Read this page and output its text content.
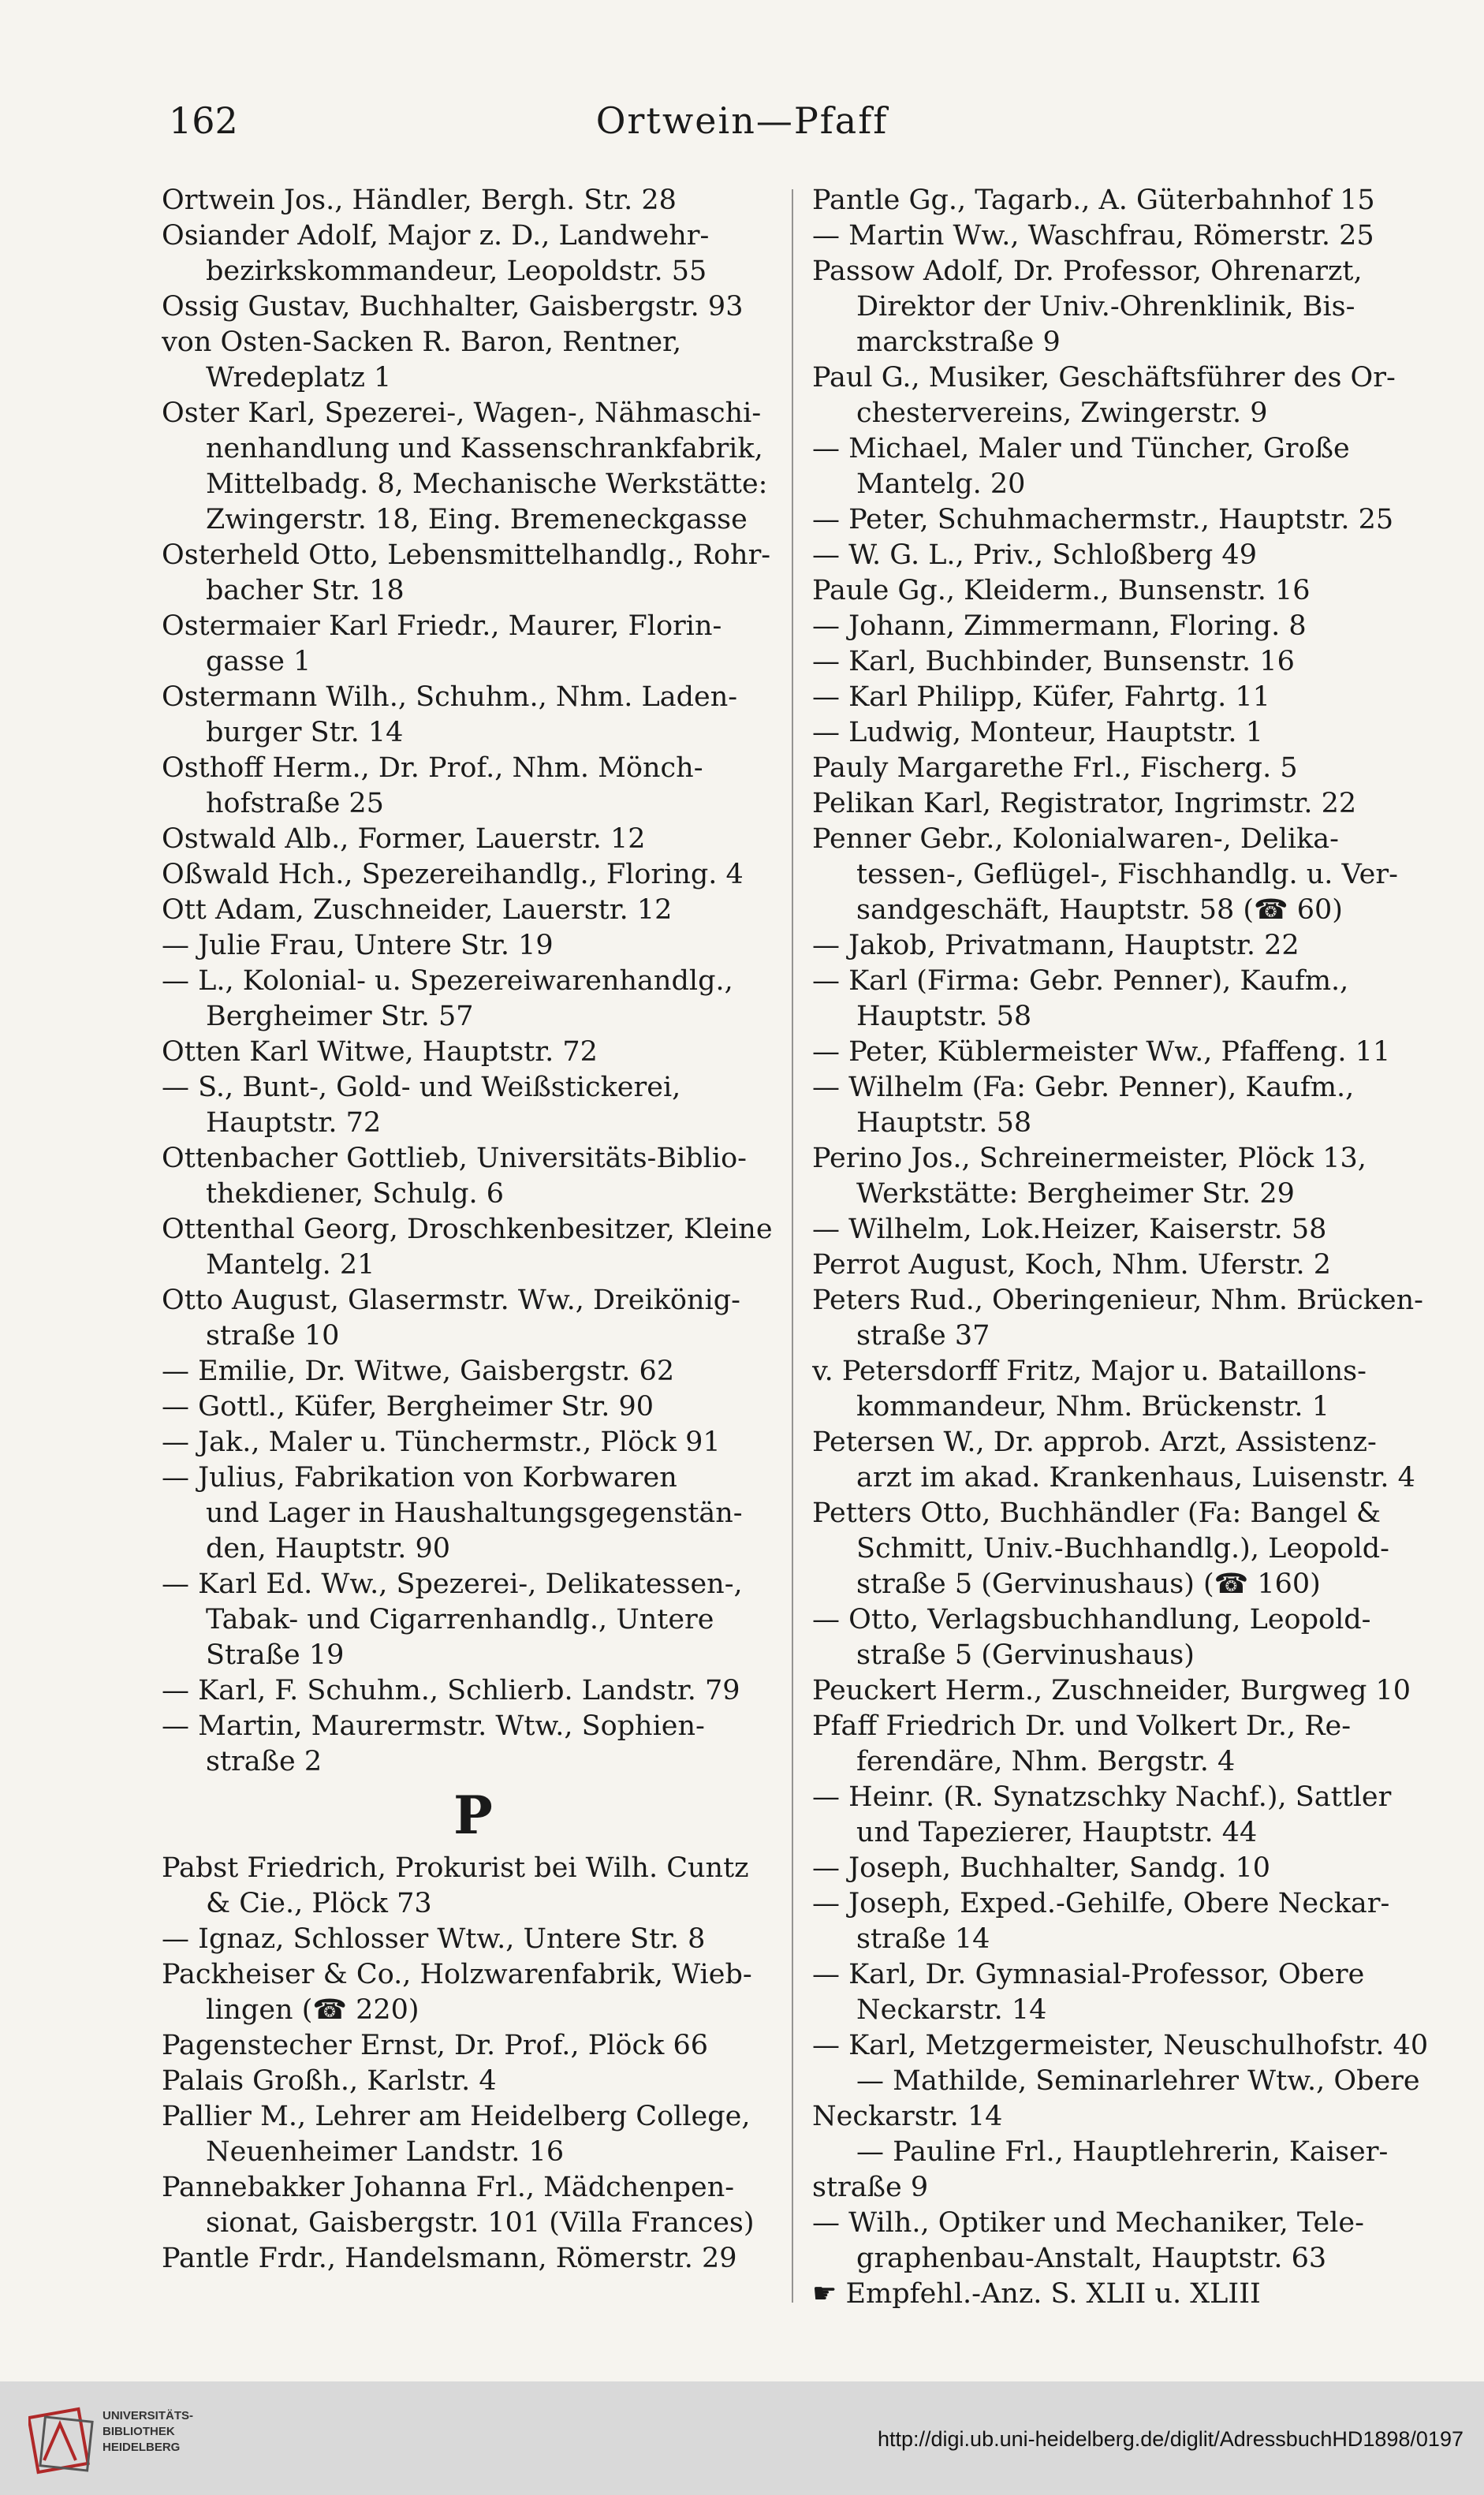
162	Ortwein—Pfaff
Ortwein Jos., Händler, Bergh. Str. 28
Osiander Adolf, Major z. D., Landwehr-
bezirkskommandeur, Leopoldstr. 55
Ossig Gustav, Buchhalter, Gaisbergstr. 93
von Osten-Sacken R. Baron, Rentner,
Wredeplatz 1
Oster Karl, Spezerei-, Wagen-, Nähmaschi-
nenhandlung und Kassenschrankfabrik,
Mittelbadg. 8, Mechanische Werkstätte:
Zwingerstr. 18, Eing. Bremeneckgasse
Osterheld Otto, Lebensmittelhandlg., Rohr-
bacher Str. 18
Ostermaier Karl Friedr., Maurer, Florin-
gasse 1
Ostermann Wilh., Schuhm., Nhm. Laden-
burger Str. 14
Osthoff Herm., Dr. Prof., Nhm. Mönch-
hofstraße 25
Ostwald Alb., Former, Lauerstr. 12
Oßwald Hch., Spezereihandlg., Floring. 4
Ott Adam, Zuschneider, Lauerstr. 12
— Julie Frau, Untere Str. 19
— L., Kolonial- u. Spezereiwarenhandlg.,
Bergheimer Str. 57
Otten Karl Witwe, Hauptstr. 72
— S., Bunt-, Gold- und Weißstickerei,
Hauptstr. 72
Ottenbacher Gottlieb, Universitäts-Biblio-
thekdiener, Schulg. 6
Ottenthal Georg, Droschkenbesitzer, Kleine
Mantelg. 21
Otto August, Glasermstr. Ww., Dreikönig-
straße 10
— Emilie, Dr. Witwe, Gaisbergstr. 62
— Gottl., Küfer, Bergheimer Str. 90
— Jak., Maler u. Tünchermstr., Plöck 91
— Julius, Fabrikation von Korbwaren
und Lager in Haushaltungsgegenstän-
den, Hauptstr. 90
— Karl Ed. Ww., Spezerei-, Delikatessen-,
Tabak- und Cigarrenhandlg., Untere
Straße 19
— Karl, F. Schuhm., Schlierb. Landstr. 79
— Martin, Maurermstr. Wtw., Sophien-
straße 2
P
Pabst Friedrich, Prokurist bei Wilh. Cuntz
& Cie., Plöck 73
— Ignaz, Schlosser Wtw., Untere Str. 8
Packheiser & Co., Holzwarenfabrik, Wieb-
lingen (☎ 220)
Pagenstecher Ernst, Dr. Prof., Plöck 66
Palais Großh., Karlstr. 4
Pallier M., Lehrer am Heidelberg College,
Neuenheimer Landstr. 16
Pannebakker Johanna Frl., Mädchenpen-
sionat, Gaisbergstr. 101 (Villa Frances)
Pantle Frdr., Handelsmann, Römerstr. 29
Pantle Gg., Tagarb., A. Güterbahnhof 15
— Martin Ww., Waschfrau, Römerstr. 25
Passow Adolf, Dr. Professor, Ohrenarzt,
Direktor der Univ.-Ohrenklinik, Bis-
marckstraße 9
Paul G., Musiker, Geschäftsführer des Or-
chestervereins, Zwingerstr. 9
— Michael, Maler und Tüncher, Große
Mantelg. 20
— Peter, Schuhmachermstr., Hauptstr. 25
— W. G. L., Priv., Schloßberg 49
Paule Gg., Kleiderm., Bunsenstr. 16
— Johann, Zimmermann, Floring. 8
— Karl, Buchbinder, Bunsenstr. 16
— Karl Philipp, Küfer, Fahrtg. 11
— Ludwig, Monteur, Hauptstr. 1
Pauly Margarethe Frl., Fischerg. 5
Pelikan Karl, Registrator, Ingrimstr. 22
Penner Gebr., Kolonialwaren-, Delika-
tessen-, Geflügel-, Fischhandlg. u. Ver-
sandgeschäft, Hauptstr. 58 (☎ 60)
— Jakob, Privatmann, Hauptstr. 22
— Karl (Firma: Gebr. Penner), Kaufm.,
Hauptstr. 58
— Peter, Küblermeister Ww., Pfaffeng. 11
— Wilhelm (Fa: Gebr. Penner), Kaufm.,
Hauptstr. 58
Perino Jos., Schreinermeister, Plöck 13,
Werkstätte: Bergheimer Str. 29
— Wilhelm, Lok.Heizer, Kaiserstr. 58
Perrot August, Koch, Nhm. Uferstr. 2
Peters Rud., Oberingenieur, Nhm. Brücken-
straße 37
v. Petersdorff Fritz, Major u. Bataillons-
kommandeur, Nhm. Brückenstr. 1
Petersen W., Dr. approb. Arzt, Assistenz-
arzt im akad. Krankenhaus, Luisenstr. 4
Petters Otto, Buchhändler (Fa: Bangel &
Schmitt, Univ.-Buchhandlg.), Leopold-
straße 5 (Gervinushaus) (☎ 160)
— Otto, Verlagsbuchhandlung, Leopold-
straße 5 (Gervinushaus)
Peuckert Herm., Zuschneider, Burgweg 10
Pfaff Friedrich Dr. und Volkert Dr., Re-
ferendäre, Nhm. Bergstr. 4
— Heinr. (R. Synatzschky Nachf.), Sattler
und Tapezierer, Hauptstr. 44
— Joseph, Buchhalter, Sandg. 10
— Joseph, Exped.-Gehilfe, Obere Neckar-
straße 14
— Karl, Dr. Gymnasial-Professor, Obere
Neckarstr. 14
— Karl, Metzgermeister, Neuschulhofstr. 40
— Mathilde, Seminarlehrer Wtw., Obere
Neckarstr. 14
— Pauline Frl., Hauptlehrerin, Kaiser-
straße 9
— Wilh., Optiker und Mechaniker, Tele-
graphenbau-Anstalt, Hauptstr. 63
☛ Empfehl.-Anz. S. XLII u. XLIII
UNIVERSITÄTS-
BIBLIOTHEK
HEIDELBERG	http://digi.ub.uni-heidelberg.de/diglit/AdressbuchHD1898/0197
